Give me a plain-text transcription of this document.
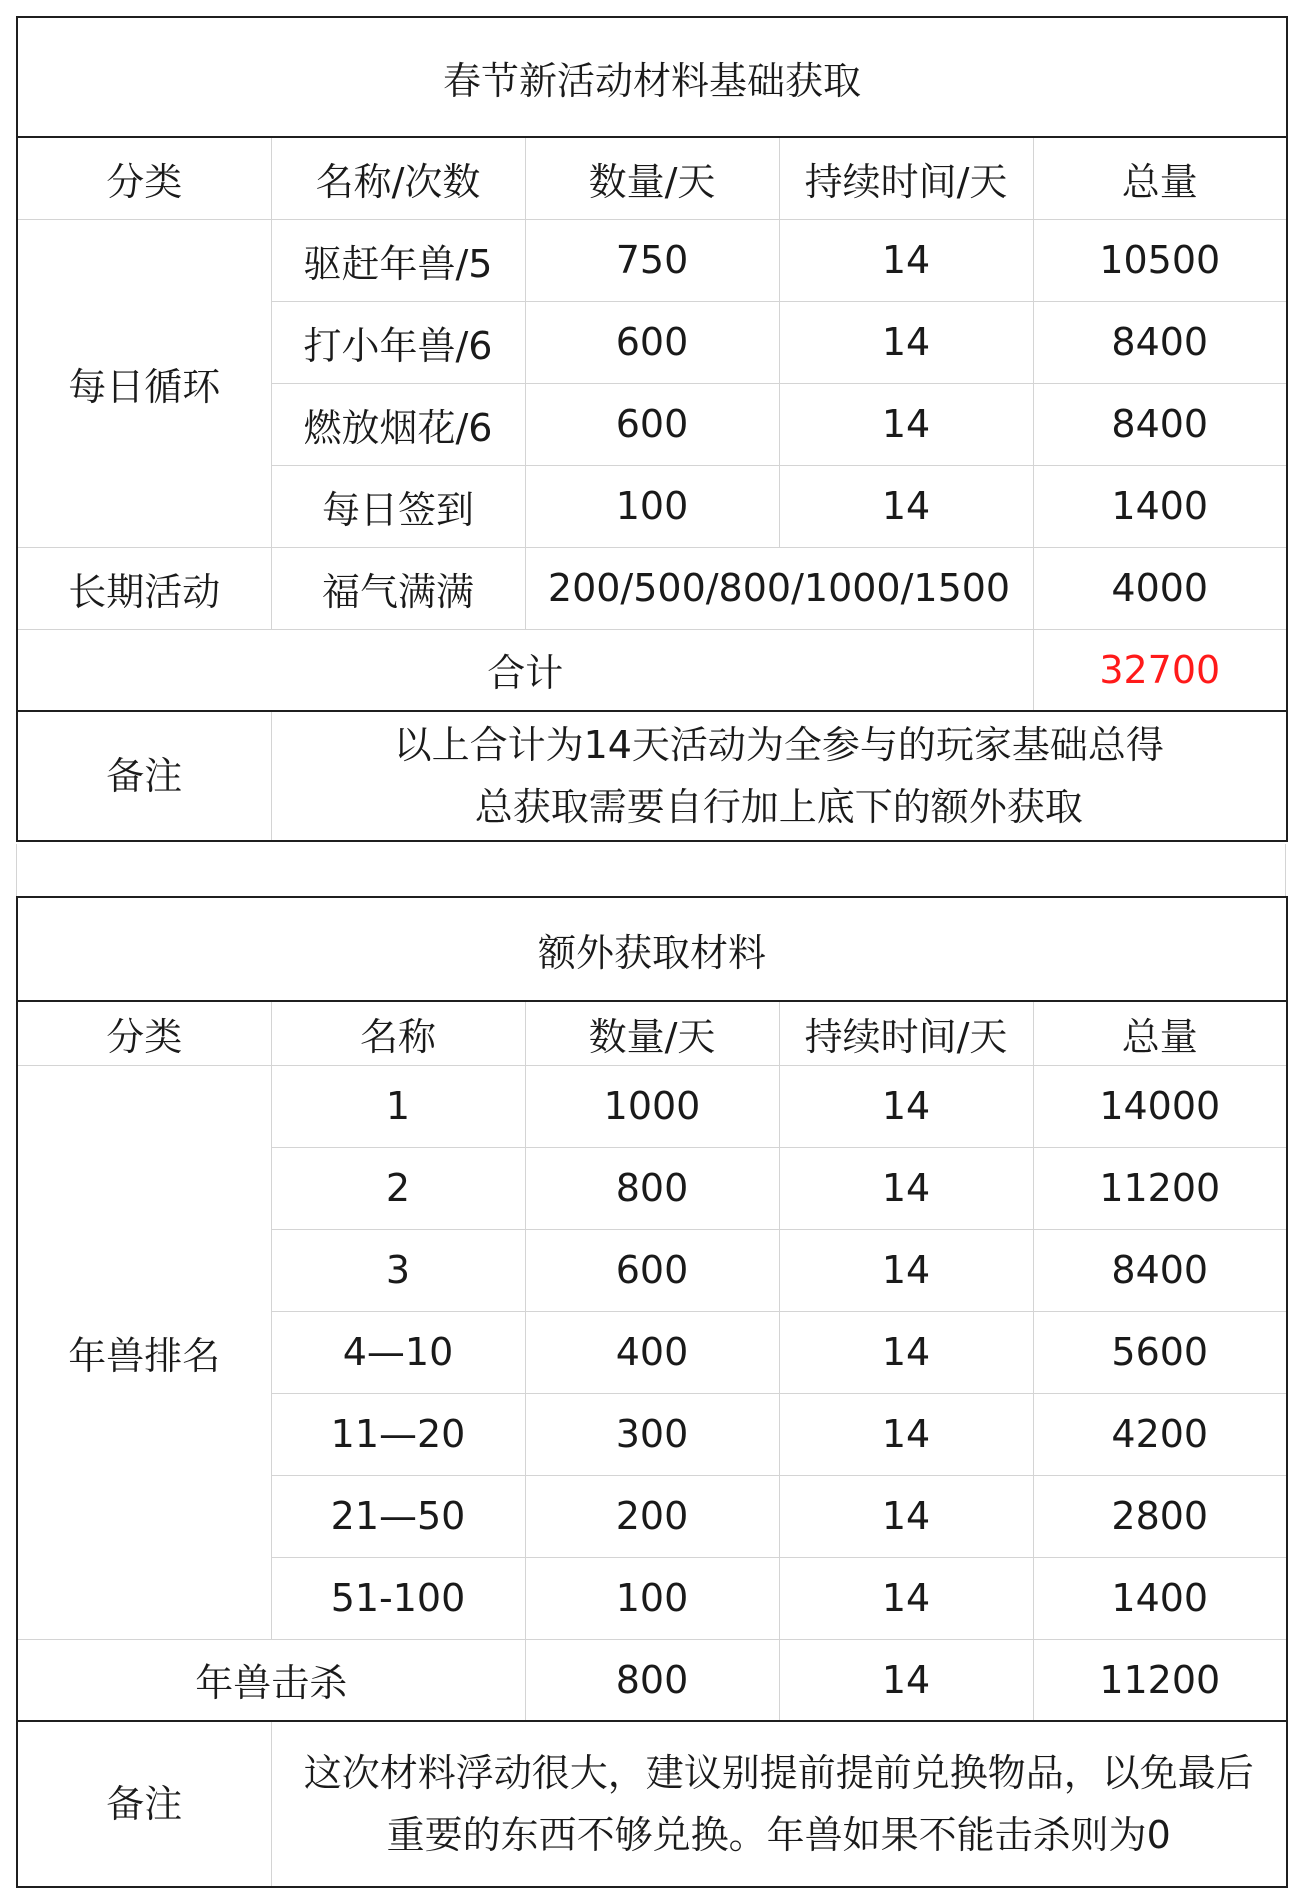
春节新活动材料基础获取				
分类	名称/次数	数量/天	持续时间/天	总量
每日循环	驱赶年兽/5	750	14	10500
	打小年兽/6	600	14	8400
	燃放烟花/6	600	14	8400
	每日签到	100	14	1400
长期活动	福气满满	200/500/800/1000/1500		4000
合计				32700
备注	以上合计为14天活动为全参与的玩家基础总得
总获取需要自行加上底下的额外获取			
额外获取材料				
分类	名称	数量/天	持续时间/天	总量
年兽排名	1	1000	14	14000
	2	800	14	11200
	3	600	14	8400
	4—10	400	14	5600
	11—20	300	14	4200
	21—50	200	14	2800
	51-100	100	14	1400
年兽击杀		800	14	11200
备注	这次材料浮动很大，建议别提前提前兑换物品，以免最后
重要的东西不够兑换。年兽如果不能击杀则为0			
